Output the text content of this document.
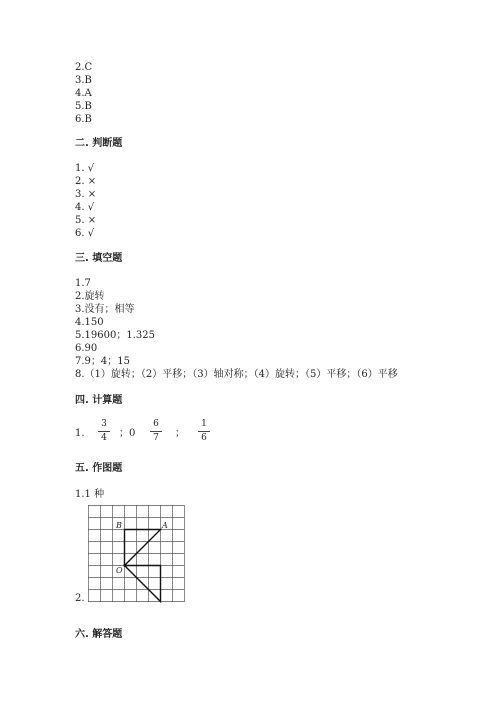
2.C
3.B
4.A
5.B
6.B
二. 判断题
1. √
2. ×
3. ×
4. √
5. ×
6. √
三. 填空题
1.7
2.旋转
3.没有；相等
4.150
5.19600；1.325
6.90
7.9；4；15
8.（1）旋转；（2）平移；（3）轴对称；（4）旋转；（5）平移；（6）平移
四. 计算题
1.
3
4	；0
6
7	；
1
6
五. 作图题
1.1 种
B	A
O
2.
六. 解答题
